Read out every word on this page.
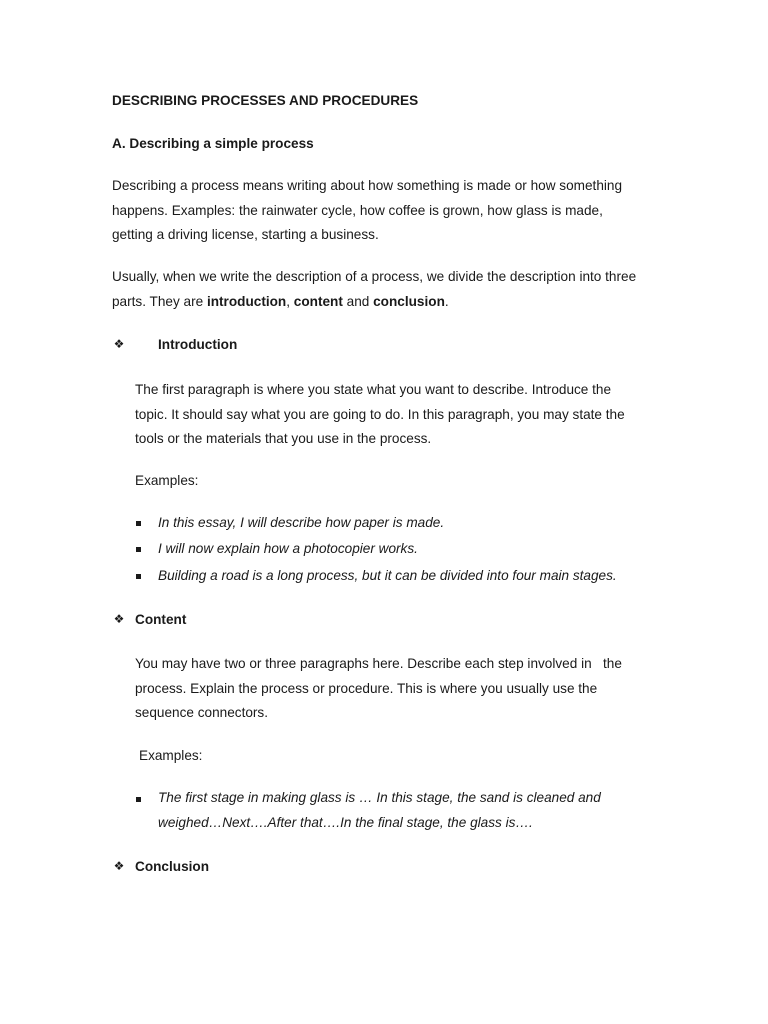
DESCRIBING PROCESSES AND PROCEDURES
A. Describing a simple process
Describing a process means writing about how something is made or how something
happens. Examples: the rainwater cycle, how coffee is grown, how glass is made,
getting a driving license, starting a business.
Usually, when we write the description of a process, we divide the description into three
parts. They are introduction, content and conclusion.
❖ Introduction
The first paragraph is where you state what you want to describe. Introduce the
topic. It should say what you are going to do. In this paragraph, you may state the
tools or the materials that you use in the process.
Examples:
In this essay, I will describe how paper is made.
I will now explain how a photocopier works.
Building a road is a long process, but it can be divided into four main stages.
❖ Content
You may have two or three paragraphs here. Describe each step involved in   the
process. Explain the process or procedure. This is where you usually use the
sequence connectors.
Examples:
The first stage in making glass is … In this stage, the sand is cleaned and
weighed…Next….After that….In the final stage, the glass is….
❖ Conclusion
